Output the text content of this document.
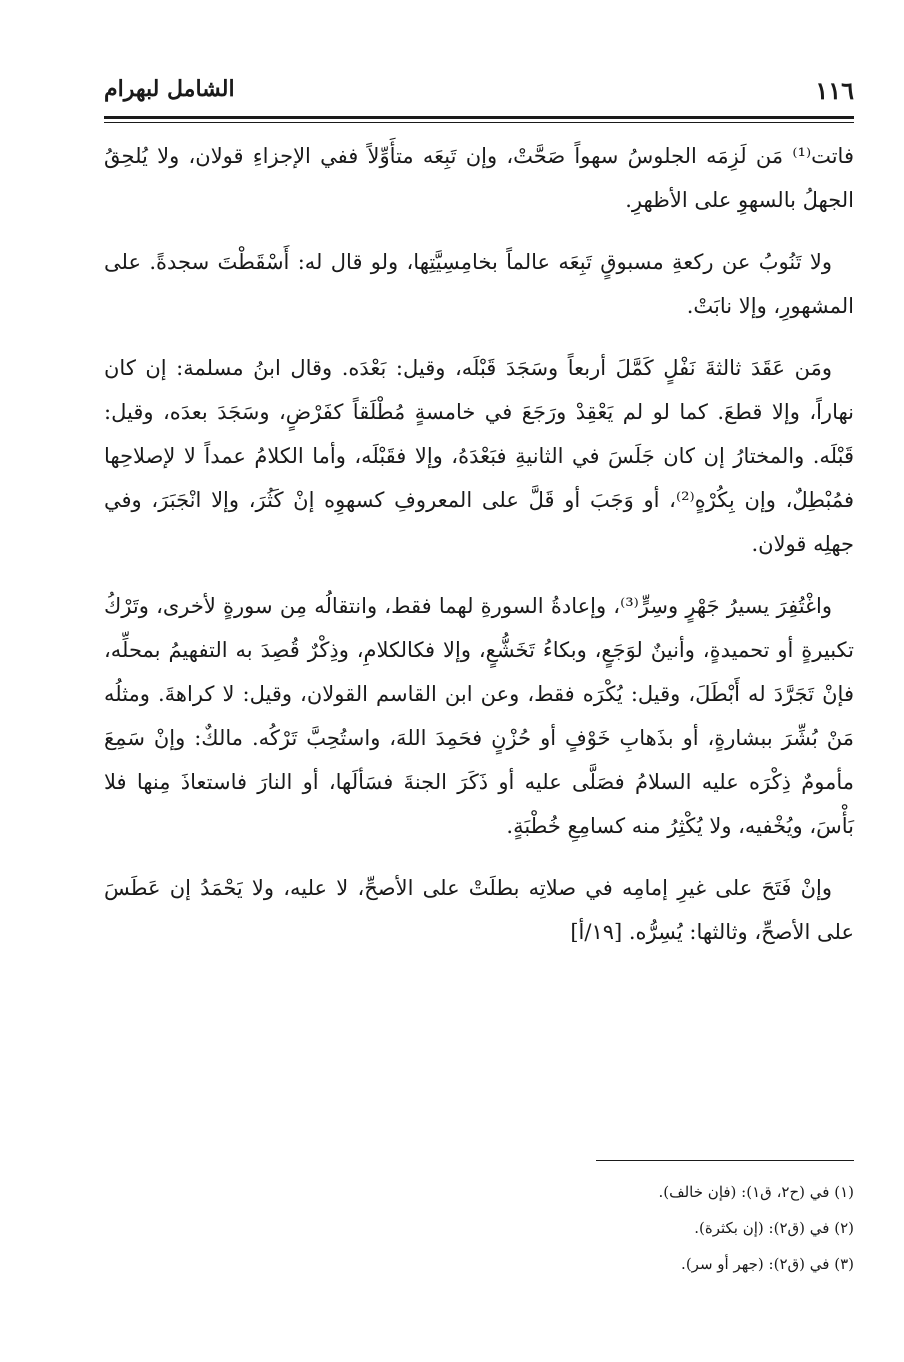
١١٦
الشامل لبهرام

فاتت⁽¹⁾ مَن لَزِمَه الجلوسُ سهواً صَحَّتْ، وإن تَبِعَه متأَوِّلاً ففي الإجزاءِ قولان، ولا يُلحِقُ الجهلُ بالسهوِ على الأظهرِ.

ولا تَنُوبُ عن ركعةِ مسبوقٍ تَبِعَه عالماً بخامِسِيَّتِها، ولو قال له: أَسْقَطْتَ سجدةً. على المشهورِ، وإلا نابَتْ.

ومَن عَقَدَ ثالثةَ نَفْلٍ كَمَّلَ أربعاً وسَجَدَ قَبْلَه، وقيل: بَعْدَه. وقال ابنُ مسلمة: إن كان نهاراً، وإلا قطعَ. كما لو لم يَعْقِدْ ورَجَعَ في خامسةٍ مُطْلَقاً كفَرْضٍ، وسَجَدَ بعدَه، وقيل: قَبْلَه. والمختارُ إن كان جَلَسَ في الثانيةِ فبَعْدَهُ، وإلا فقَبْلَه، وأما الكلامُ عمداً لا لإصلاحِها فمُبْطِلٌ، وإن بِكُرْهٍ⁽²⁾، أو وَجَبَ أو قَلَّ على المعروفِ كسهوِه إنْ كَثُرَ، وإلا انْجَبَرَ، وفي جهلِه قولان.

واغْتُفِرَ يسيرُ جَهْرٍ وسِرٍّ⁽³⁾، وإعادةُ السورةِ لهما فقط، وانتقالُه مِن سورةٍ لأخرى، وتَرْكُ تكبيرةٍ أو تحميدةٍ، وأنينٌ لوَجَعٍ، وبكاءُ تَخَشُّعٍ، وإلا فكالكلامِ، وذِكْرٌ قُصِدَ به التفهيمُ بمحلِّه، فإنْ تَجَرَّدَ له أَبْطَلَ، وقيل: يُكْرَه فقط، وعن ابن القاسم القولان، وقيل: لا كراهةَ. ومثلُه مَنْ بُشِّرَ ببشارةٍ، أو بذَهابِ خَوْفٍ أو حُزْنٍ فحَمِدَ اللهَ، واستُحِبَّ تَرْكُه. مالكٌ: وإنْ سَمِعَ مأمومٌ ذِكْرَه عليه السلامُ فصَلَّى عليه أو ذَكَرَ الجنةَ فسَألَها، أو النارَ فاستعاذَ مِنها فلا بَأْسَ، ويُخْفيه، ولا يُكْثِرُ منه كسامِعِ خُطْبَةٍ.

وإنْ فَتَحَ على غيرِ إمامِه في صلاتِه بطلَتْ على الأصحِّ، لا عليه، ولا يَحْمَدُ إن عَطَسَ على الأصحِّ، وثالثها: يُسِرُّه. [١٩/أ]

(١) في (ح٢، ق١): (فإن خالف).

(٢) في (ق٢): (إن بكثرة).

(٣) في (ق٢): (جهر أو سر).
